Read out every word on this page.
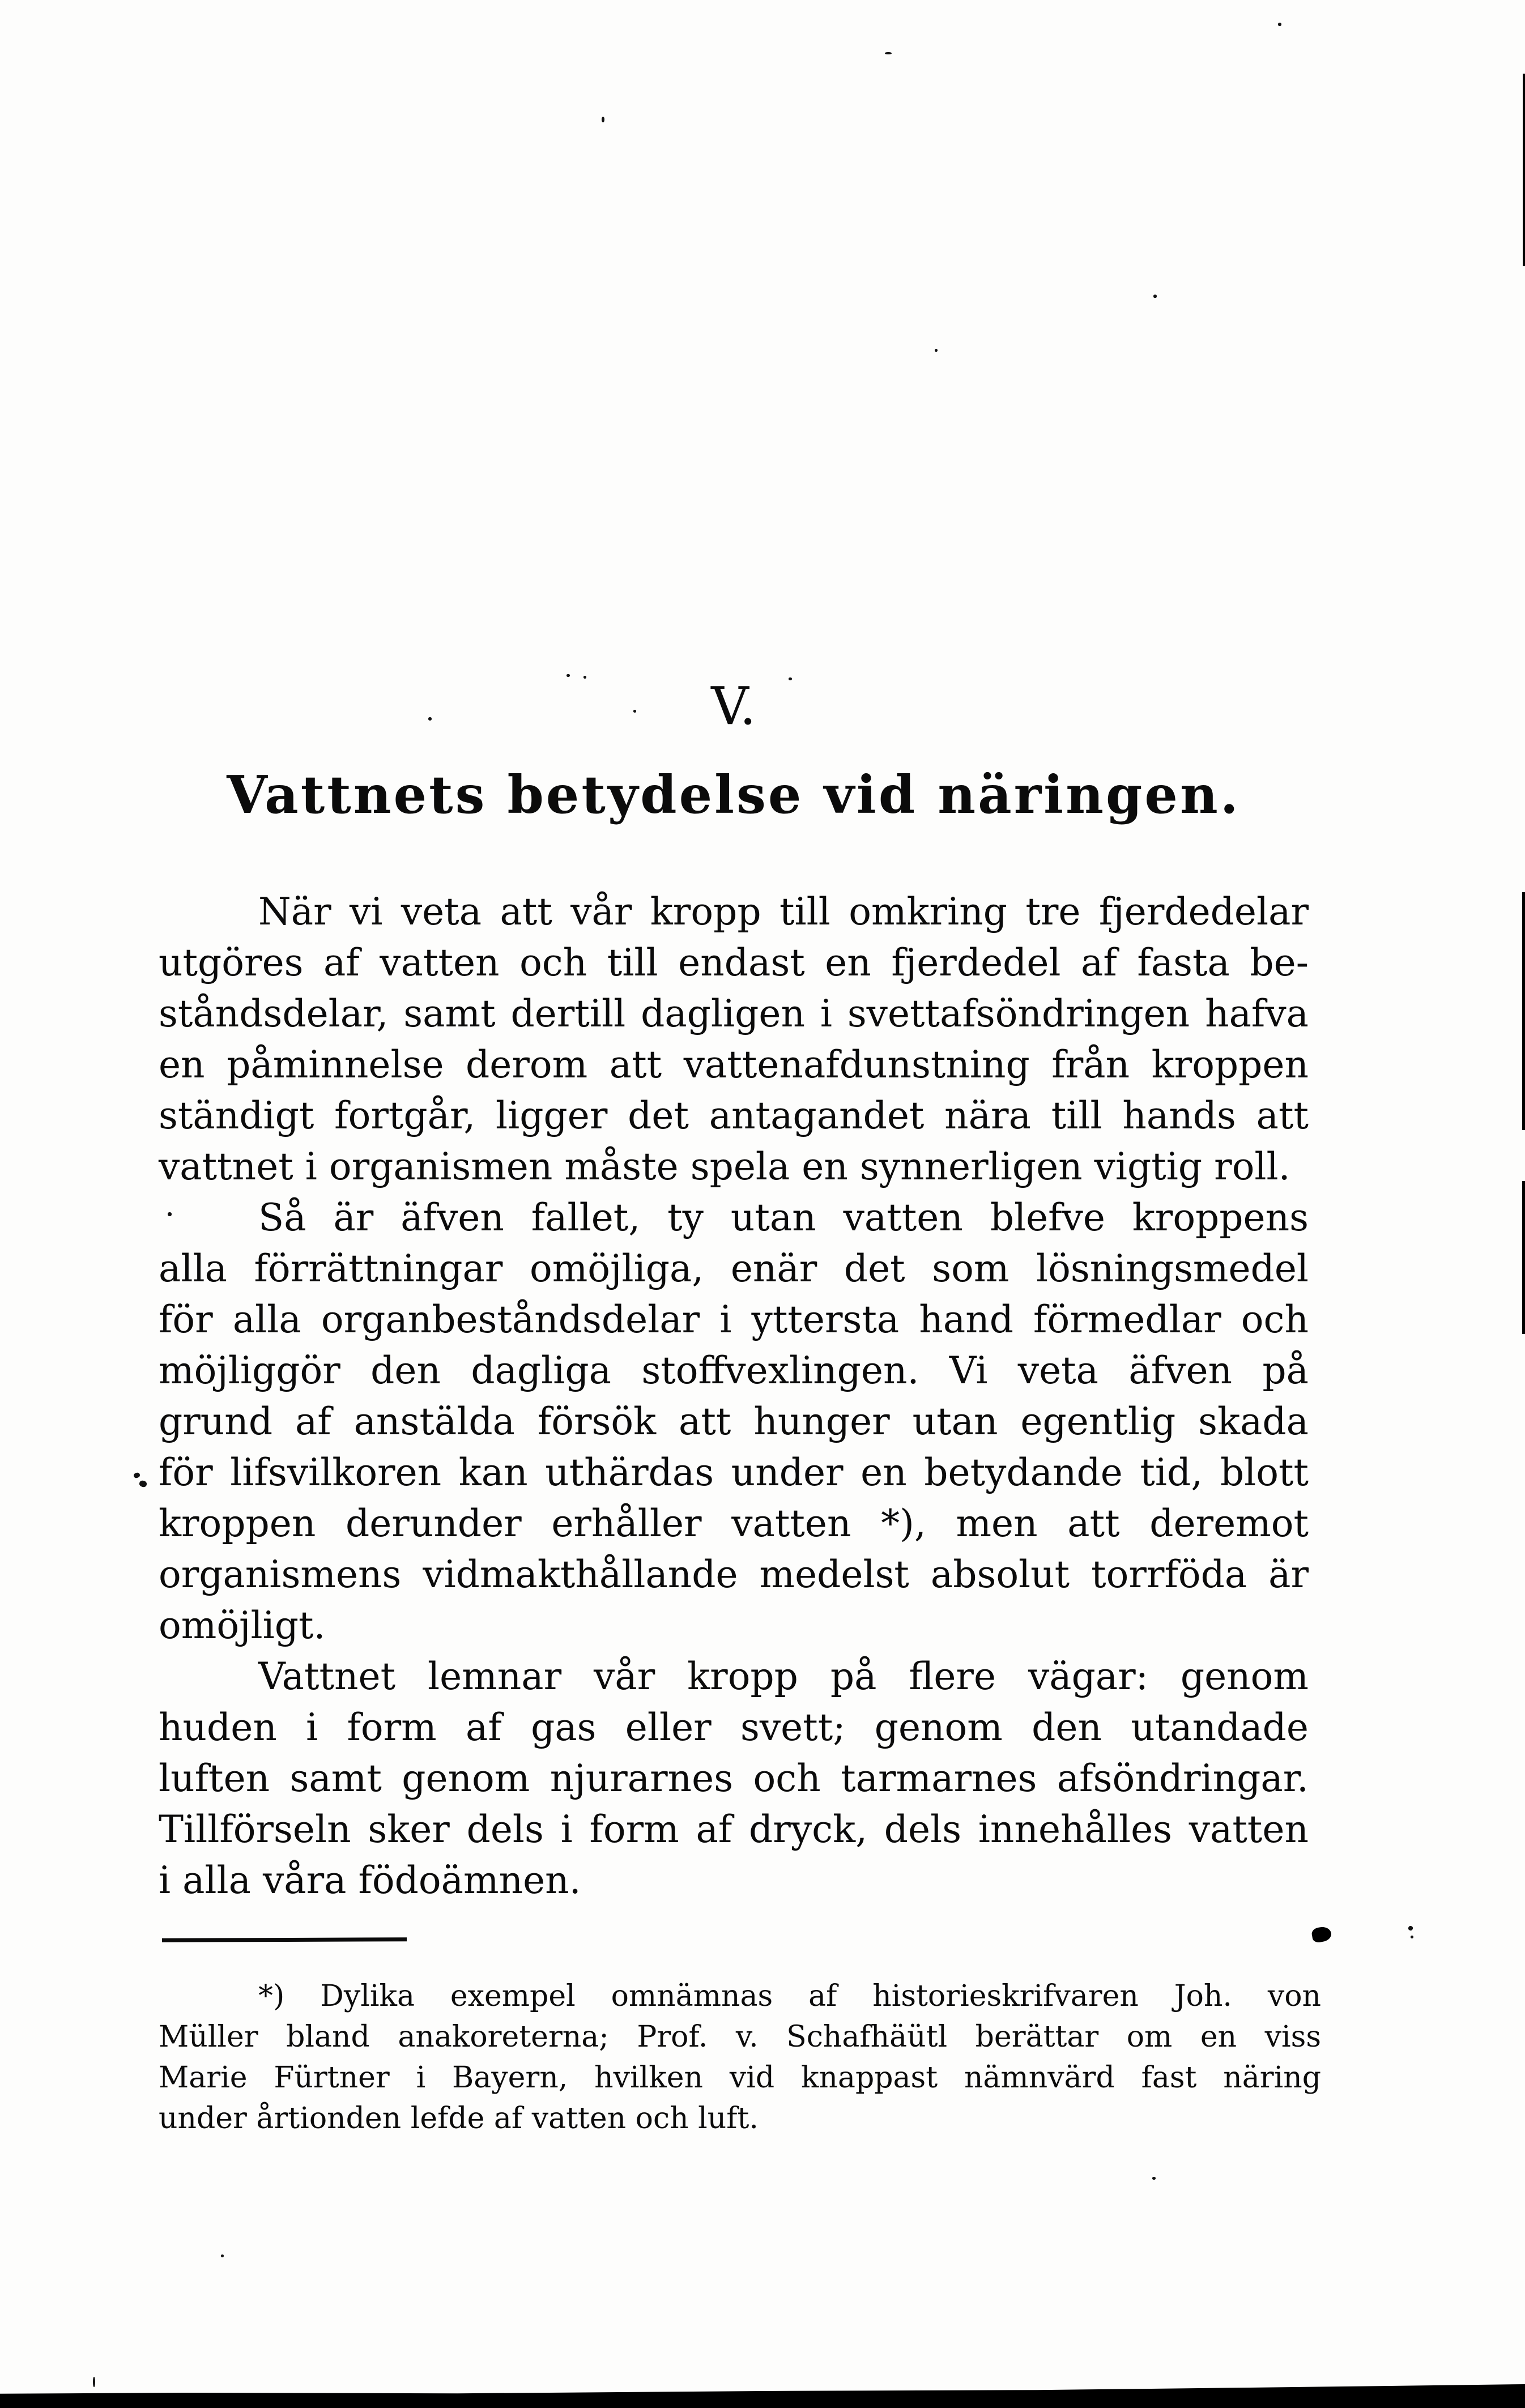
V.
Vattnets betydelse vid näringen.
När vi veta att vår kropp till omkring tre fjerdedelar
utgöres af vatten och till endast en fjerdedel af fasta be-
ståndsdelar, samt dertill dagligen i svettafsöndringen hafva
en påminnelse derom att vattenafdunstning från kroppen
ständigt fortgår, ligger det antagandet nära till hands att
vattnet i organismen måste spela en synnerligen vigtig roll.
Så är äfven fallet, ty utan vatten blefve kroppens
alla förrättningar omöjliga, enär det som lösningsmedel
för alla organbeståndsdelar i yttersta hand förmedlar och
möjliggör den dagliga stoffvexlingen. Vi veta äfven på
grund af anstälda försök att hunger utan egentlig skada
för lifsvilkoren kan uthärdas under en betydande tid, blott
kroppen derunder erhåller vatten *), men att deremot
organismens vidmakthållande medelst absolut torrföda är
omöjligt.
Vattnet lemnar vår kropp på flere vägar: genom
huden i form af gas eller svett; genom den utandade
luften samt genom njurarnes och tarmarnes afsöndringar.
Tillförseln sker dels i form af dryck, dels innehålles vatten
i alla våra födoämnen.
*) Dylika exempel omnämnas af historieskrifvaren Joh. von
Müller bland anakoreterna; Prof. v. Schafhäütl berättar om en viss
Marie Fürtner i Bayern, hvilken vid knappast nämnvärd fast näring
under årtionden lefde af vatten och luft.
